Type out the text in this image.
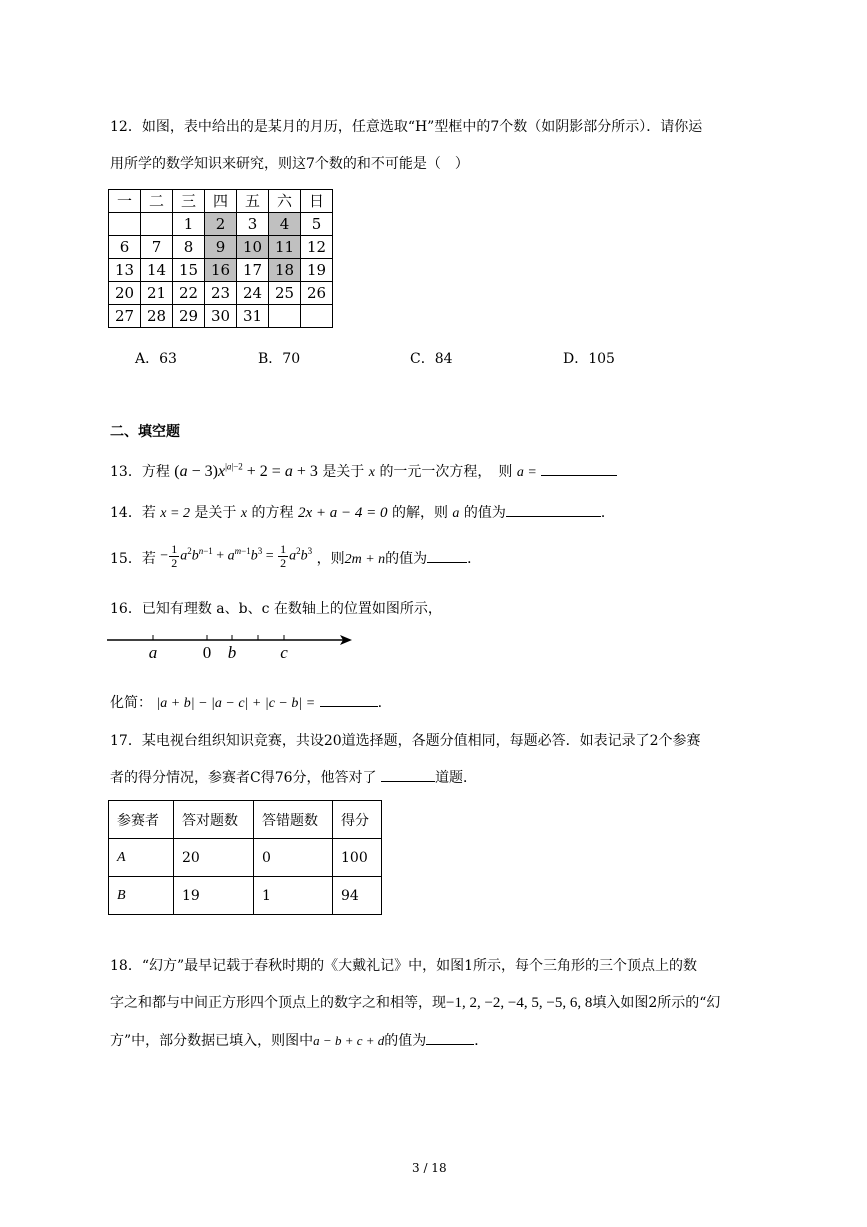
12．如图，表中给出的是某月的月历，任意选取“H”型框中的7个数（如阴影部分所示）．请你运
用所学的数学知识来研究，则这7个数的和不可能是（　）
一	二	三	四	五	六	日
		1	2	3	4	5
6	7	8	9	10	11	12
13	14	15	16	17	18	19
20	21	22	23	24	25	26
27	28	29	30	31		
A．63	B．70	C．84	D．105
二、填空题
13．方程 $(a - 3)x^{|a|-2} + 2 = a + 3$ 是关于 x 的一元一次方程，　则 a =
14．若 x = 2 是关于 x 的方程 2x + a − 4 = 0 的解，则 a 的值为	．
15．若 − $\frac{1}{2} a^2b^{n-1} + a^{m-1}b^3 = \frac{1}{2} a^2b^3$ ，则2m + n的值为	．
16．已知有理数 a、b、c 在数轴上的位置如图所示，
a	0 b	c
化简： |a + b| − |a − c| + |c − b| =	.
17．某电视台组织知识竞赛，共设20道选择题，各题分值相同，每题必答．如表记录了2个参赛
者的得分情况，参赛者C得76分，他答对了	道题．
参赛者	答对题数	答错题数	得分
A	20	0	100
B	19	1	94
18．“幻方”最早记载于春秋时期的《大戴礼记》中，如图1所示，每个三角形的三个顶点上的数
字之和都与中间正方形四个顶点上的数字之和相等，现−1, 2, −2, −4, 5, −5, 6, 8填入如图2所示的“幻
方”中，部分数据已填入，则图中a − b + c + d的值为	．
3 / 18
